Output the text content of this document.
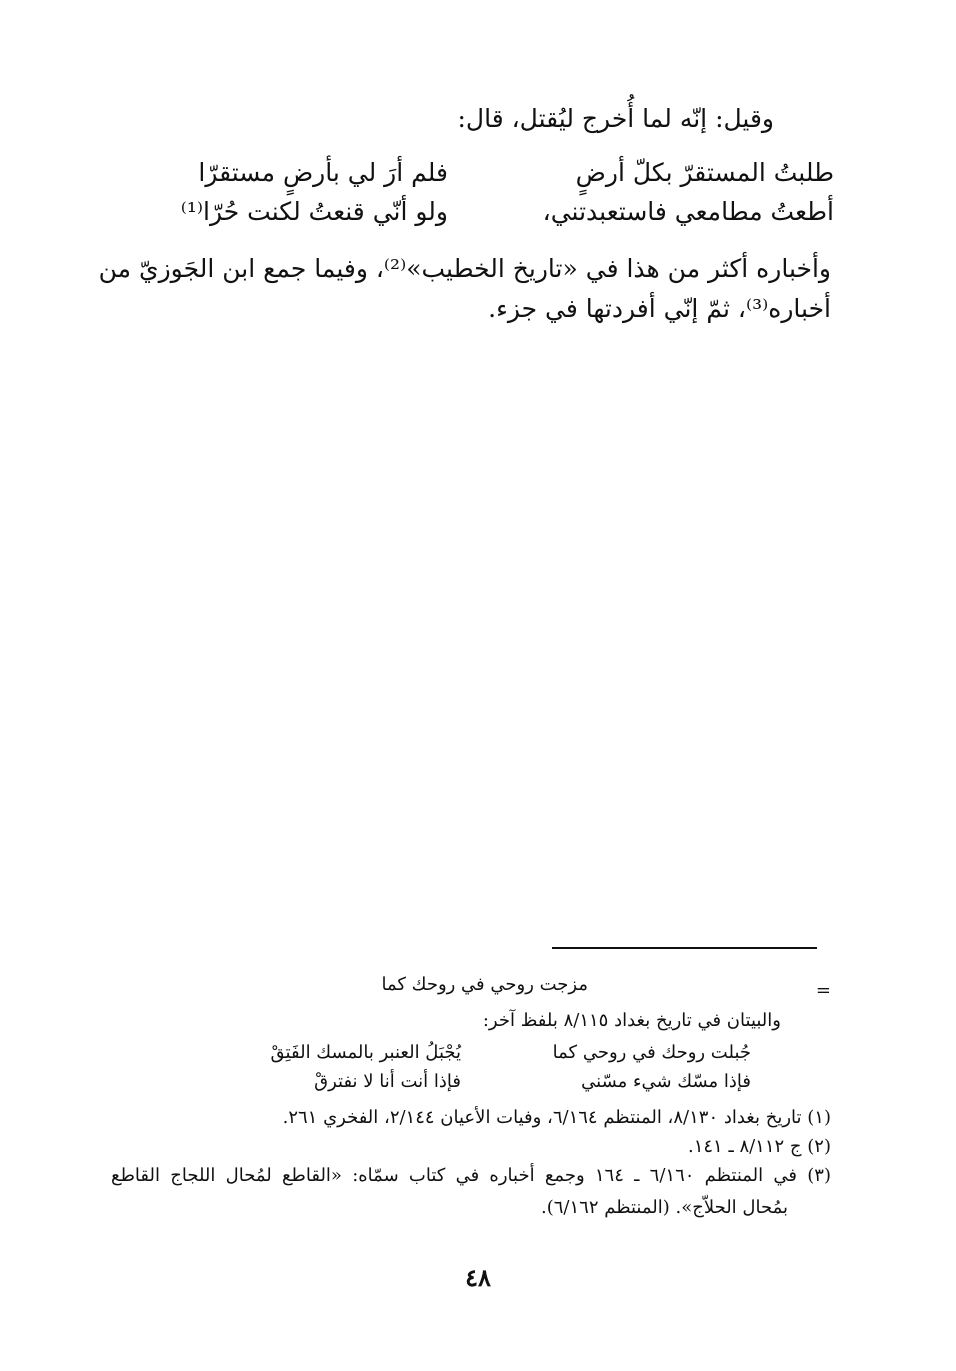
وقيل: إنّه لما أُخرج ليُقتل، قال:
طلبتُ المستقرّ بكلّ أرضٍ
فلم أرَ لي بأرضٍ مستقرّا
أطعتُ مطامعي فاستعبدتني،
ولو أنّي قنعتُ لكنت حُرّا⁽¹⁾
وأخباره أكثر من هذا في «تاريخ الخطيب»⁽²⁾، وفيما جمع ابن الجَوزيّ من
أخباره⁽³⁾، ثمّ إنّي أفردتها في جزء.
=
مزجت روحي في روحك كما
والبيتان في تاريخ بغداد ٨/١١٥ بلفظ آخر:
جُبلت روحك في روحي كما
يُجْبَلُ العنبر بالمسك الفَتِقْ
فإذا مسّك شيء مسّني
فإذا أنت أنا لا نفترقْ
(١) تاريخ بغداد ٨/١٣٠، المنتظم ٦/١٦٤، وفيات الأعيان ٢/١٤٤، الفخري ٢٦١.
(٢) ج ٨/١١٢ ـ ١٤١.
(٣) في المنتظم ٦/١٦٠ ـ ١٦٤ وجمع أخباره في كتاب سمّاه: «القاطع لمُحال اللجاج القاطع
بمُحال الحلاّج». (المنتظم ٦/١٦٢).
٤٨
